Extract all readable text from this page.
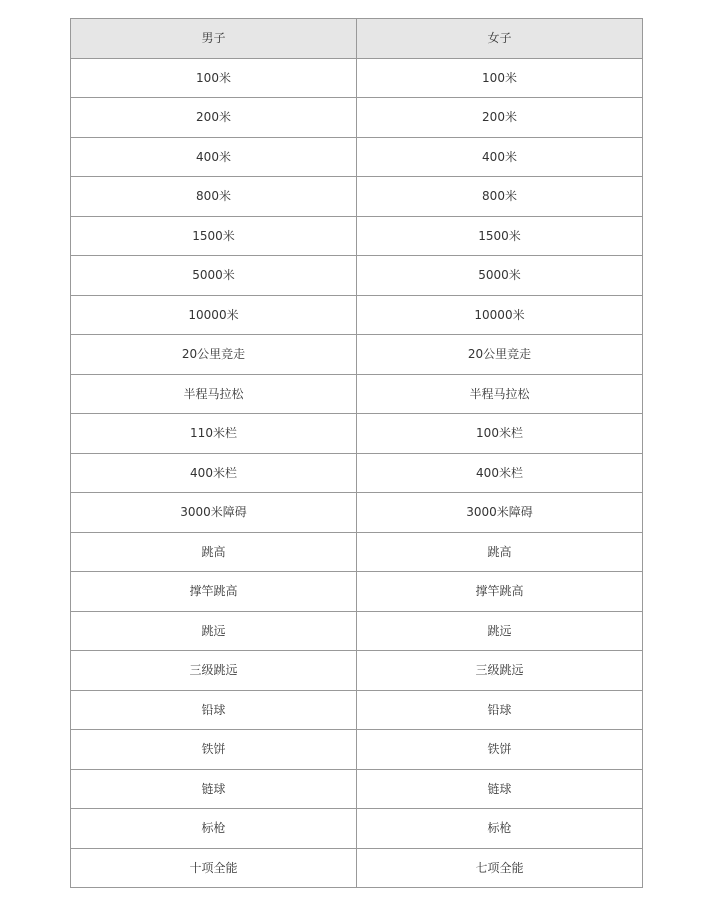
男子	女子
100米	100米
200米	200米
400米	400米
800米	800米
1500米	1500米
5000米	5000米
10000米	10000米
20公里竞走	20公里竞走
半程马拉松	半程马拉松
110米栏	100米栏
400米栏	400米栏
3000米障碍	3000米障碍
跳高	跳高
撑竿跳高	撑竿跳高
跳远	跳远
三级跳远	三级跳远
铅球	铅球
铁饼	铁饼
链球	链球
标枪	标枪
十项全能	七项全能
